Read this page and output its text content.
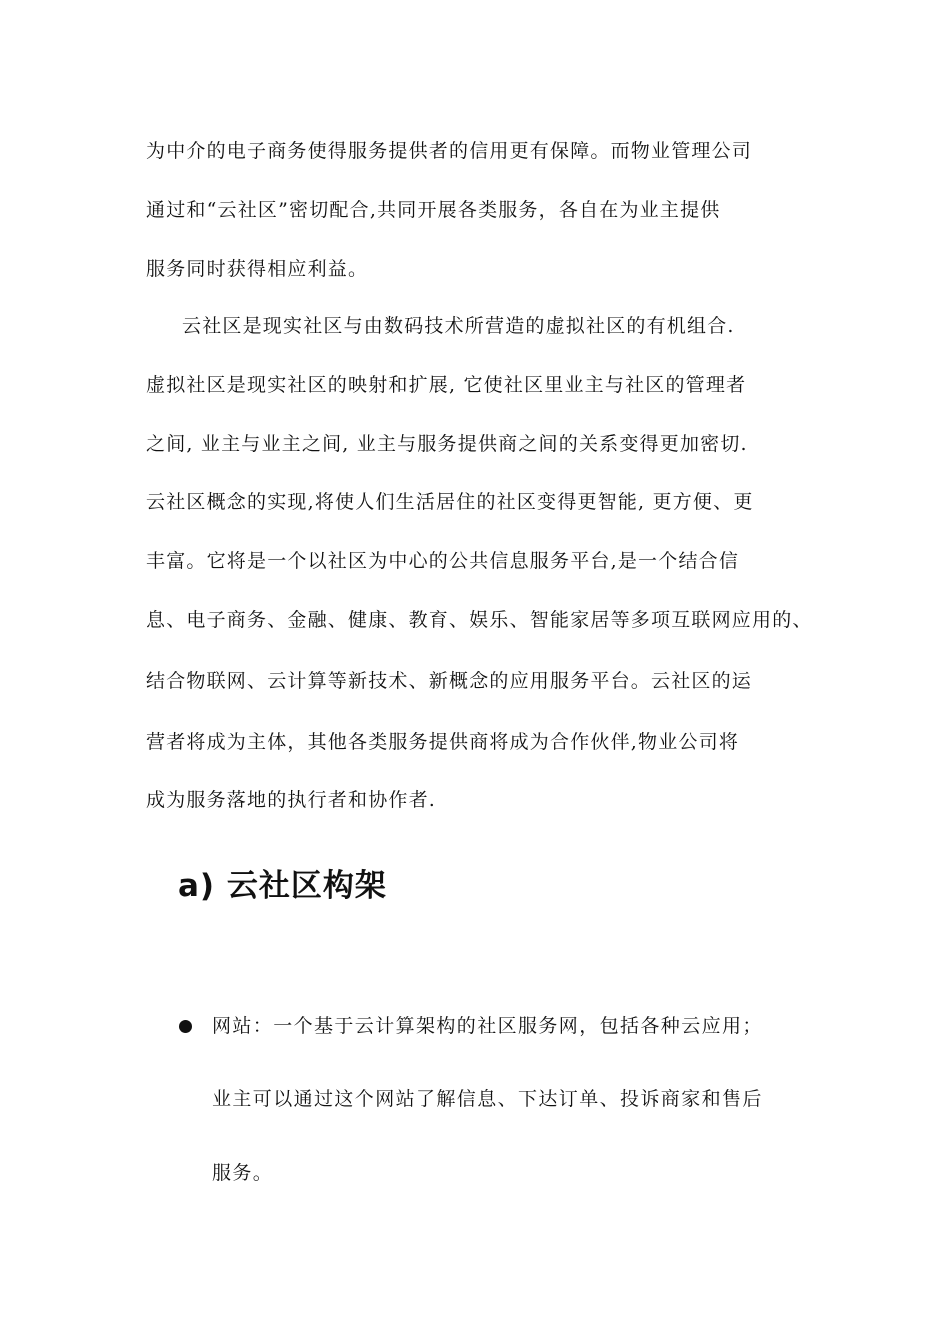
为中介的电子商务使得服务提供者的信用更有保障。而物业管理公司
通过和“云社区”密切配合,共同开展各类服务，各自在为业主提供
服务同时获得相应利益。
云社区是现实社区与由数码技术所营造的虚拟社区的有机组合.
虚拟社区是现实社区的映射和扩展, 它使社区里业主与社区的管理者
之间, 业主与业主之间, 业主与服务提供商之间的关系变得更加密切.
云社区概念的实现,将使人们生活居住的社区变得更智能, 更方便、更
丰富。它将是一个以社区为中心的公共信息服务平台,是一个结合信
息、电子商务、金融、健康、教育、娱乐、智能家居等多项互联网应用的、
结合物联网、云计算等新技术、新概念的应用服务平台。云社区的运
营者将成为主体，其他各类服务提供商将成为合作伙伴,物业公司将
成为服务落地的执行者和协作者.
a) 云社区构架
网站：一个基于云计算架构的社区服务网，包括各种云应用；
业主可以通过这个网站了解信息、下达订单、投诉商家和售后
服务。
